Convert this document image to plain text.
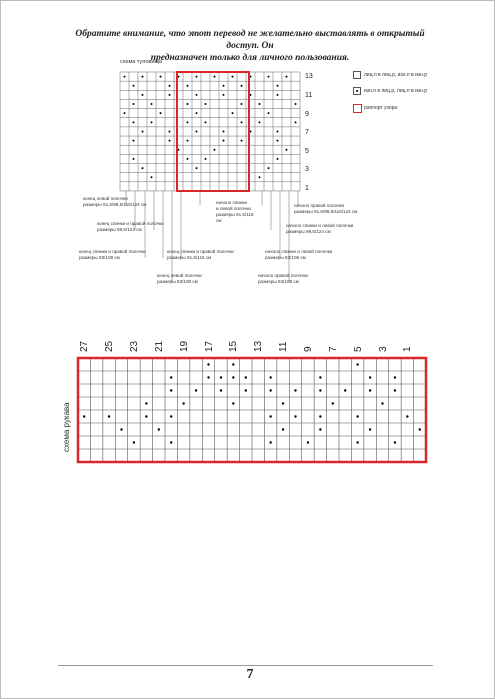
Обратите внимание, что этот перевод не желательно выставлять в открытый доступ. Он
предназначен только для личного пользования.
схема туловища
13
11
9
7
5
3
1
лиц.п в лиц.р, изн.п в изн.р
изн.п в лиц.р, лиц.п в изн.р
раппорт узора
конец левой полочки
размеры 91,5/99,5/116/124 см
конец спинки и правой полочки
размеры 99,5/124 см
конец спинки и правой полочки
размеры 83/108 см
конец спинки и правой полочки
размеры 91,5/116 см
конец левой полочки
размеры 83/108 см
начало спинки
и левой полочки
размеры 91,5/116
см
начало правой полочки
размеры 91,5/99,5/116/124 см
начало спинки и левой полочки
размеры 99,5/124 см
начало спинки и левой полочки
размеры 83/108 см
начало правой полочки
размеры 83/108 см
27 25 23 21 19 17 15 13 11 9 7 5 3 1
схема рукава
7
